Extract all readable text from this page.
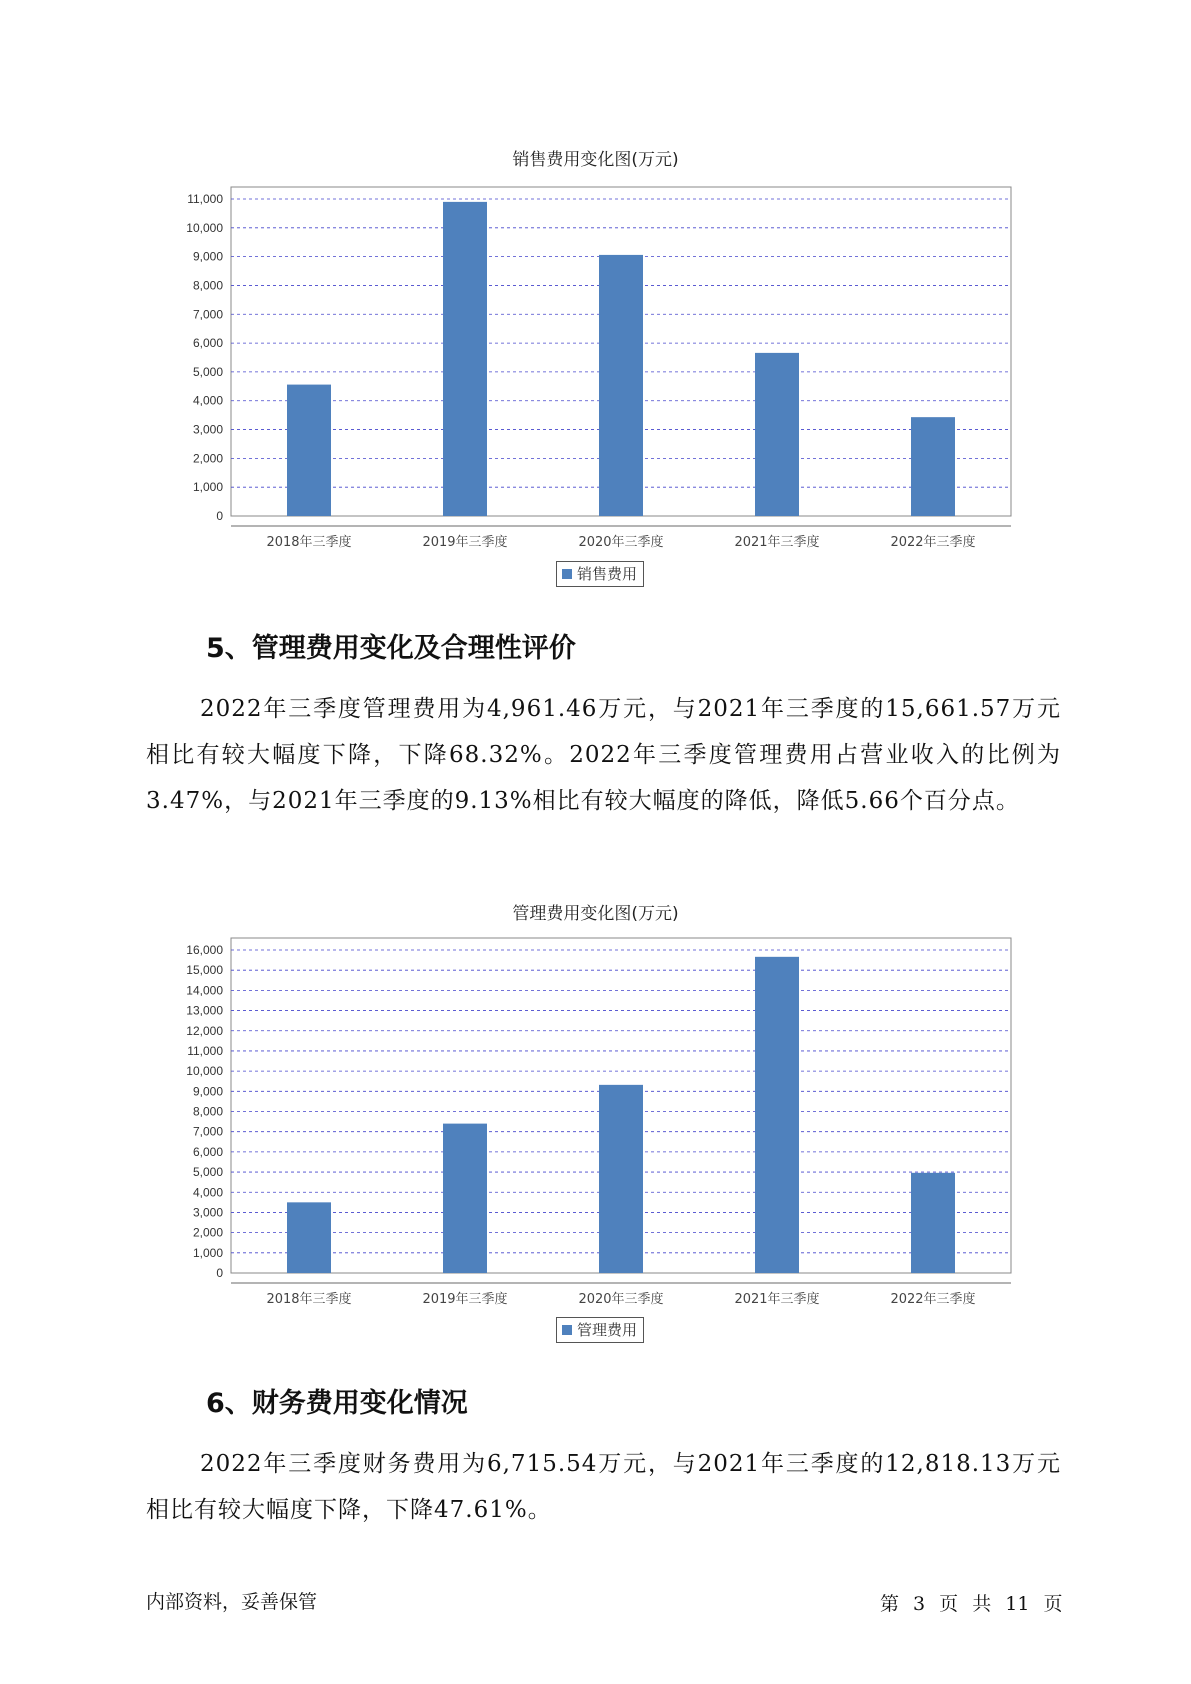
销售费用变化图(万元)
0
1,000
2,000
3,000
4,000
5,000
6,000
7,000
8,000
9,000
10,000
11,000
2018年三季度	2019年三季度	2020年三季度	2021年三季度	2022年三季度
销售费用
5、管理费用变化及合理性评价

2022年三季度管理费用为4,961.46万元，与2021年三季度的15,661.57万元相比有较大幅度下降，下降68.32%。2022年三季度管理费用占营业收入的比例为3.47%，与2021年三季度的9.13%相比有较大幅度的降低，降低5.66个百分点。

管理费用变化图(万元)
0
1,000
2,000
3,000
4,000
5,000
6,000
7,000
8,000
9,000
10,000
11,000
12,000
13,000
14,000
15,000
16,000
2018年三季度	2019年三季度	2020年三季度	2021年三季度	2022年三季度
管理费用
6、财务费用变化情况

2022年三季度财务费用为6,715.54万元，与2021年三季度的12,818.13万元相比有较大幅度下降，下降47.61%。

内部资料，妥善保管	第 3 页 共 11 页
